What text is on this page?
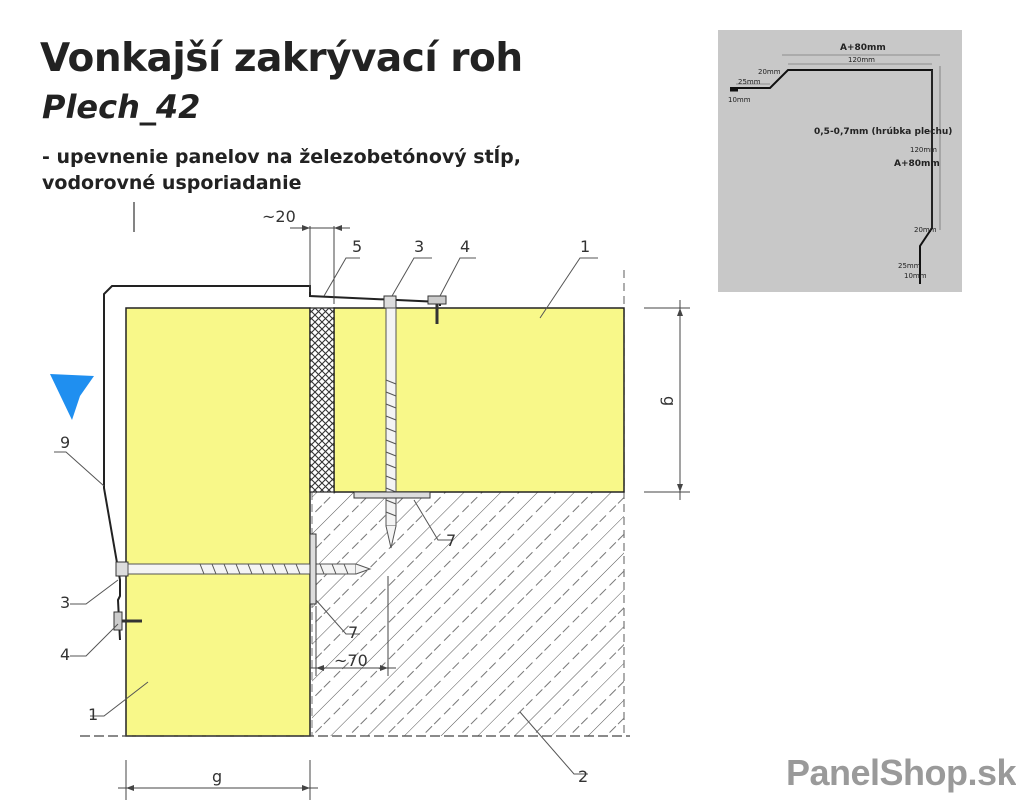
Vonkajší zakrývací roh
Plech_42
- upevnenie panelov na železobetónový stĺp,
vodorovné usporiadanie
~20
g
g
~70
1
3 4
5
7
7
9
3
4
1
2
A+80mm
120mm
20mm
25mm
10mm
0,5-0,7mm (hrúbka plechu)
120mm
A+80mm
20mm
25mm
10mm
PanelShop.sk
